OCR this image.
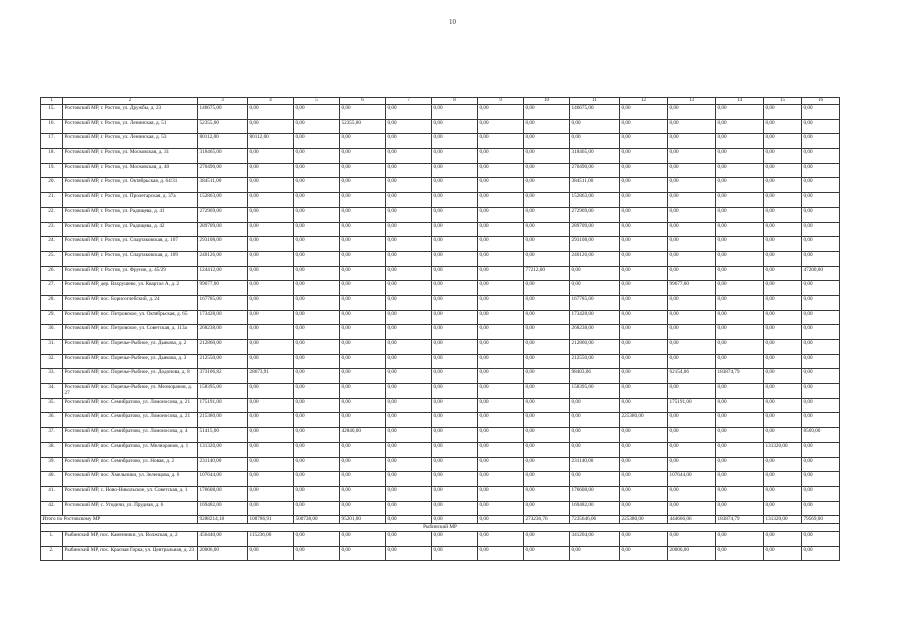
10
1	2	3	4	5	6	7	8	9	10	11	12	13	14	15	16
15.	Ростовский МР, г. Ростов, ул. Дружбы, д. 23	146675,00	0,00	0,00	0,00	0,00	0,00	0,00	0,00	146675,00	0,00	0,00	0,00	0,00	0,00
16.	Ростовский МР, г. Ростов, ул. Ленинская, д. 51	52355,00	0,00	0,00	52355,00	0,00	0,00	0,00	0,00	0,00	0,00	0,00	0,00	0,00	0,00
17.	Ростовский МР, г. Ростов, ул. Ленинская, д. 53	80112,00	80112,00	0,00	0,00	0,00	0,00	0,00	0,00	0,00	0,00	0,00	0,00	0,00	0,00
18.	Ростовский МР, г. Ростов, ул. Московская, д. 31	318465,00	0,00	0,00	0,00	0,00	0,00	0,00	0,00	318465,00	0,00	0,00	0,00	0,00	0,00
19.	Ростовский МР, г. Ростов, ул. Московская, д. 40	270490,00	0,00	0,00	0,00	0,00	0,00	0,00	0,00	270490,00	0,00	0,00	0,00	0,00	0,00
20.	Ростовский МР, г. Ростов, ул. Октябрьская, д. 64/31	384511,00	0,00	0,00	0,00	0,00	0,00	0,00	0,00	384511,00	0,00	0,00	0,00	0,00	0,00
21.	Ростовский МР, г. Ростов, ул. Пролетарская, д. 37а	152863,00	0,00	0,00	0,00	0,00	0,00	0,00	0,00	152863,00	0,00	0,00	0,00	0,00	0,00
22.	Ростовский МР, г. Ростов, ул. Радищева, д. 41	272969,00	0,00	0,00	0,00	0,00	0,00	0,00	0,00	272969,00	0,00	0,00	0,00	0,00	0,00
23.	Ростовский МР, г. Ростов, ул. Радищева, д. 42	289709,00	0,00	0,00	0,00	0,00	0,00	0,00	0,00	289709,00	0,00	0,00	0,00	0,00	0,00
24.	Ростовский МР, г. Ростов, ул. Спартаковская, д. 107	293108,00	0,00	0,00	0,00	0,00	0,00	0,00	0,00	293108,00	0,00	0,00	0,00	0,00	0,00
25.	Ростовский МР, г. Ростов, ул. Спартаковская, д. 109	240126,00	0,00	0,00	0,00	0,00	0,00	0,00	0,00	240126,00	0,00	0,00	0,00	0,00	0,00
26.	Ростовский МР, г. Ростов, ул. Фрунзе, д. 45/29	124412,00	0,00	0,00	0,00	0,00	0,00	0,00	77212,00	0,00	0,00	0,00	0,00	0,00	47200,00
27.	Ростовский МР, дер. Вахрушево, ул. Квартал А, д. 2	99677,00	0,00	0,00	0,00	0,00	0,00	0,00	0,00	0,00	0,00	99677,00	0,00	0,00	0,00
28.	Ростовский МР, пос. Борисоглебский, д. 24	167785,00	0,00	0,00	0,00	0,00	0,00	0,00	0,00	167785,00	0,00	0,00	0,00	0,00	0,00
29.	Ростовский МР, пос. Петровское, ул. Октябрьская, д. 65	173428,00	0,00	0,00	0,00	0,00	0,00	0,00	0,00	173428,00	0,00	0,00	0,00	0,00	0,00
30.	Ростовский МР, пос. Петровское, ул. Советская, д. 113а	268238,00	0,00	0,00	0,00	0,00	0,00	0,00	0,00	268238,00	0,00	0,00	0,00	0,00	0,00
31.	Ростовский МР, пос. Поречье-Рыбное, ул. Дьякова, д. 2	212860,00	0,00	0,00	0,00	0,00	0,00	0,00	0,00	212860,00	0,00	0,00	0,00	0,00	0,00
32.	Ростовский МР, пос. Поречье-Рыбное, ул. Дьякова, д. 3	212550,00	0,00	0,00	0,00	0,00	0,00	0,00	0,00	212550,00	0,00	0,00	0,00	0,00	0,00
33.	Ростовский МР, пос. Поречье-Рыбное, ул. Додонова, д. 8	373106,82	28673,91	0,00	0,00	0,00	0,00	0,00	0,00	98403,06	0,00	62154,06	183874,79	0,00	0,00
34.	Ростовский МР, пос. Поречье-Рыбное, ул. Мелиоранов, д. 27	158395,00	0,00	0,00	0,00	0,00	0,00	0,00	0,00	158395,00	0,00	0,00	0,00	0,00	0,00
35.	Ростовский МР, пос. Семибратово, ул. Ломоносова, д. 21	175191,00	0,00	0,00	0,00	0,00	0,00	0,00	0,00	0,00	0,00	175191,00	0,00	0,00	0,00
36.	Ростовский МР, пос. Семибратово, ул. Ломоносова, д. 21	215380,00	0,00	0,00	0,00	0,00	0,00	0,00	0,00	0,00	225380,00	0,00	0,00	0,00	0,00
37.	Ростовский МР, пос. Семибратово, ул. Ломоносова, д. 4	51415,00	0,00	0,00	42846,00	0,00	0,00	0,00	0,00	0,00	0,00	0,00	0,00	0,00	8569,00
38.	Ростовский МР, пос. Семибратово, ул. Мелиоранов, д. 1	131320,00	0,00	0,00	0,00	0,00	0,00	0,00	0,00	0,00	0,00	0,00	0,00	131320,00	0,00
39.	Ростовский МР, пос. Семибратово, ул. Новая, д. 2	231140,00	0,00	0,00	0,00	0,00	0,00	0,00	0,00	231140,00	0,00	0,00	0,00	0,00	0,00
40.	Ростовский МР, пос. Хмельники, ул. Зеленцова, д. 6	107644,00	0,00	0,00	0,00	0,00	0,00	0,00	0,00	0,00	0,00	107644,00	0,00	0,00	0,00
41.	Ростовский МР, с. Ново-Никольское, ул. Советская, д. 1	176608,00	0,00	0,00	0,00	0,00	0,00	0,00	0,00	176608,00	0,00	0,00	0,00	0,00	0,00
42.	Ростовский МР, с. Угодичи, ул. Прудная, д. 6	169482,00	0,00	0,00	0,00	0,00	0,00	0,00	0,00	169482,00	0,00	0,00	0,00	0,00	0,00
Итого по Ростовскому МР		9288214,18	108786,91	500738,00	95201,00	0,00	0,00	0,00	273236,76	7235646,06	225380,00	444666,06	183874,79	131320,00	79569,00
Рыбинский МР															
1.	Рыбинский МР, пос. Каменники, ул. Волжская, д. 2	456440,00	115236,00	0,00	0,00	0,00	0,00	0,00	0,00	341204,00	0,00	0,00	0,00	0,00	0,00
2.	Рыбинский МР, пос. Красная Горка, ул. Центральная, д. 23	20006,00	0,00	0,00	0,00	0,00	0,00	0,00	0,00	0,00	0,00	20006,00	0,00	0,00	0,00
